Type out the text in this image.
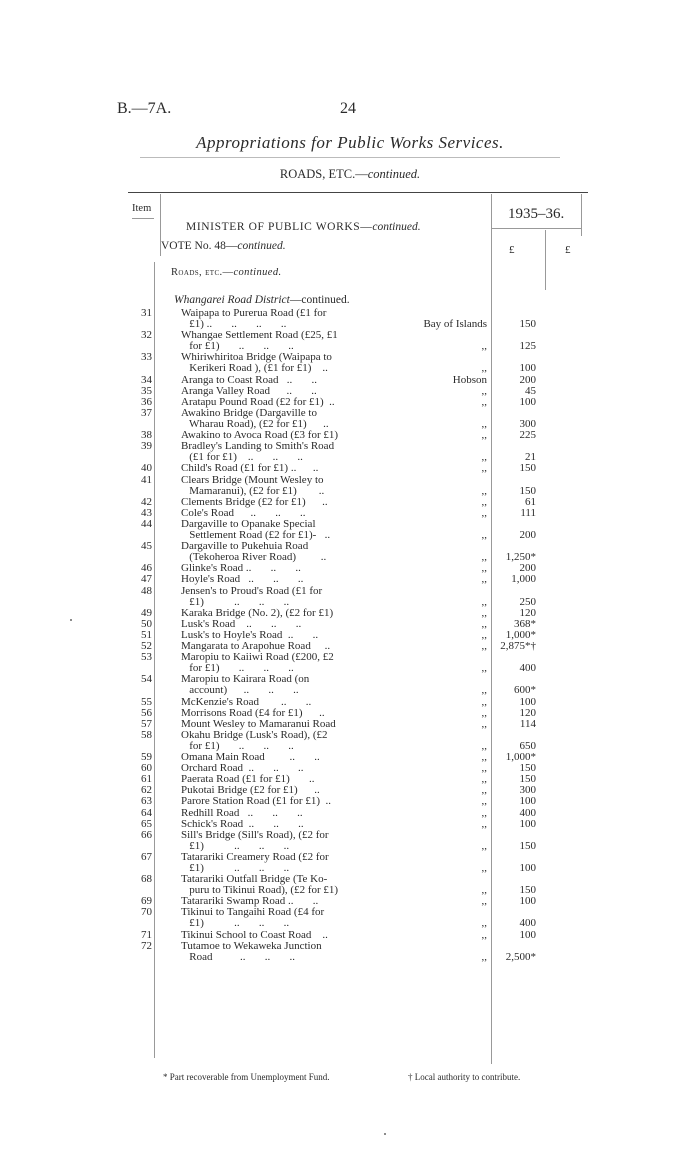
B.—7A.	24
Appropriations for Public Works Services.
ROADS, ETC.—continued.
Item	1935–36.
MINISTER OF PUBLIC WORKS—continued.
VOTE No. 48—continued.	£	£
Roads, etc.—continued.
Whangarei Road District—continued.
31	Waipapa to Purerua Road (£1 for
£1) ..       ..       ..       ..	Bay of Islands	150
32	Whangae Settlement Road (£25, £1
for £1)       ..       ..       ..	,,	125
33	Whiriwhiritoa Bridge (Waipapa to
Kerikeri Road ), (£1 for £1)    ..	,,	100
34	Aranga to Coast Road   ..       ..	Hobson	200
35	Aranga Valley Road      ..       ..	,,	45
36	Aratapu Pound Road (£2 for £1)  ..	,,	100
37	Awakino Bridge (Dargaville to
Wharau Road), (£2 for £1)      ..	,,	300
38	Awakino to Avoca Road (£3 for £1)	,,	225
39	Bradley's Landing to Smith's Road
(£1 for £1)    ..       ..       ..	,,	21
40	Child's Road (£1 for £1) ..      ..	,,	150
41	Clears Bridge (Mount Wesley to
Mamaranui), (£2 for £1)        ..	,,	150
42	Clements Bridge (£2 for £1)      ..	,,	61
43	Cole's Road      ..       ..       ..	,,	111
44	Dargaville to Opanake Special
Settlement Road (£2 for £1)-   ..	,,	200
45	Dargaville to Pukehuia Road
(Tekoheroa River Road)         ..	,,	1,250*
46	Glinke's Road ..       ..       ..	,,	200
47	Hoyle's Road   ..       ..       ..	,,	1,000
48	Jensen's to Proud's Road (£1 for
£1)           ..       ..       ..	,,	250
49	Karaka Bridge (No. 2), (£2 for £1)	,,	120
50	Lusk's Road    ..       ..       ..	,,	368*
51	Lusk's to Hoyle's Road  ..       ..	,,	1,000*
52	Mangarata to Arapohue Road     ..	,,	2,875*†
53	Maropiu to Kaiiwi Road (£200, £2
for £1)       ..       ..       ..	,,	400
54	Maropiu to Kairara Road (on
account)      ..       ..       ..	,,	600*
55	McKenzie's Road        ..       ..	,,	100
56	Morrisons Road (£4 for £1)      ..	,,	120
57	Mount Wesley to Mamaranui Road	,,	114
58	Okahu Bridge (Lusk's Road), (£2
for £1)       ..       ..       ..	,,	650
59	Omana Main Road         ..       ..	,,	1,000*
60	Orchard Road  ..       ..       ..	,,	150
61	Paerata Road (£1 for £1)       ..	,,	150
62	Pukotai Bridge (£2 for £1)      ..	,,	300
63	Parore Station Road (£1 for £1)  ..	,,	100
64	Redhill Road   ..       ..       ..	,,	400
65	Schick's Road  ..       ..       ..	,,	100
66	Sill's Bridge (Sill's Road), (£2 for
£1)           ..       ..       ..	,,	150
67	Tatarariki Creamery Road (£2 for
£1)           ..       ..       ..	,,	100
68	Tatarariki Outfall Bridge (Te Ko-
puru to Tikinui Road), (£2 for £1)	,,	150
69	Tatarariki Swamp Road ..       ..	,,	100
70	Tikinui to Tangaihi Road (£4 for
£1)           ..       ..       ..	,,	400
71	Tikinui School to Coast Road    ..	,,	100
72	Tutamoe to Wekaweka Junction
Road          ..       ..       ..	,,	2,500*
* Part recoverable from Unemployment Fund.	† Local authority to contribute.
